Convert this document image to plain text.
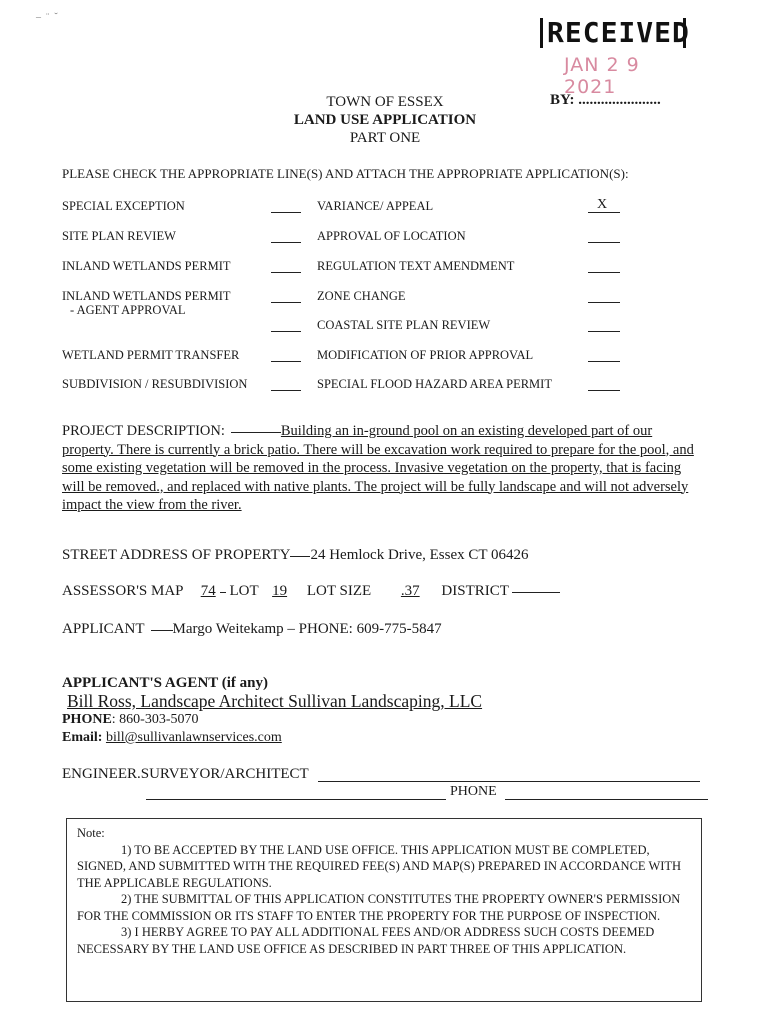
‒  ¨  ˘	RECEIVED
JAN 2 9 2021
BY: ......................
TOWN OF ESSEX
LAND USE APPLICATION
PART ONE
PLEASE CHECK THE APPROPRIATE LINE(S) AND ATTACH THE APPROPRIATE APPLICATION(S):
SPECIAL EXCEPTION
SITE PLAN REVIEW
INLAND WETLANDS PERMIT
INLAND WETLANDS PERMIT
- AGENT APPROVAL
WETLAND PERMIT TRANSFER
SUBDIVISION / RESUBDIVISION
VARIANCE/ APPEAL
APPROVAL OF LOCATION
REGULATION TEXT AMENDMENT
ZONE CHANGE
COASTAL SITE PLAN REVIEW
MODIFICATION OF PRIOR APPROVAL
SPECIAL FLOOD HAZARD AREA PERMIT
X
PROJECT DESCRIPTION:	Building an in-ground pool on an existing developed part of our property. There is currently a brick patio. There will be excavation work required to prepare for the pool, and some existing vegetation will be removed in the process. Invasive vegetation on the property, that is facing will be removed., and replaced with native plants. The project will be fully landscape and will not adversely impact the view from the river.
STREET ADDRESS OF PROPERTY 24 Hemlock Drive, Essex CT 06426
ASSESSOR'S MAP 74 LOT 19 LOT SIZE .37 DISTRICT
APPLICANT Margo Weitekamp – PHONE: 609-775-5847
APPLICANT'S AGENT (if any)
Bill Ross, Landscape Architect Sullivan Landscaping, LLC
PHONE: 860-303-5070
Email: bill@sullivanlawnservices.com
ENGINEER.SURVEYOR/ARCHITECT
PHONE

Note:

1) TO BE ACCEPTED BY THE LAND USE OFFICE. THIS APPLICATION MUST BE COMPLETED, SIGNED, AND SUBMITTED WITH THE REQUIRED FEE(S) AND MAP(S) PREPARED IN ACCORDANCE WITH THE APPLICABLE REGULATIONS.

2) THE SUBMITTAL OF THIS APPLICATION CONSTITUTES THE PROPERTY OWNER'S PERMISSION FOR THE COMMISSION OR ITS STAFF TO ENTER THE PROPERTY FOR THE PURPOSE OF INSPECTION.

3) I HERBY AGREE TO PAY ALL ADDITIONAL FEES AND/OR ADDRESS SUCH COSTS DEEMED NECESSARY BY THE LAND USE OFFICE AS DESCRIBED IN PART THREE OF THIS APPLICATION.
